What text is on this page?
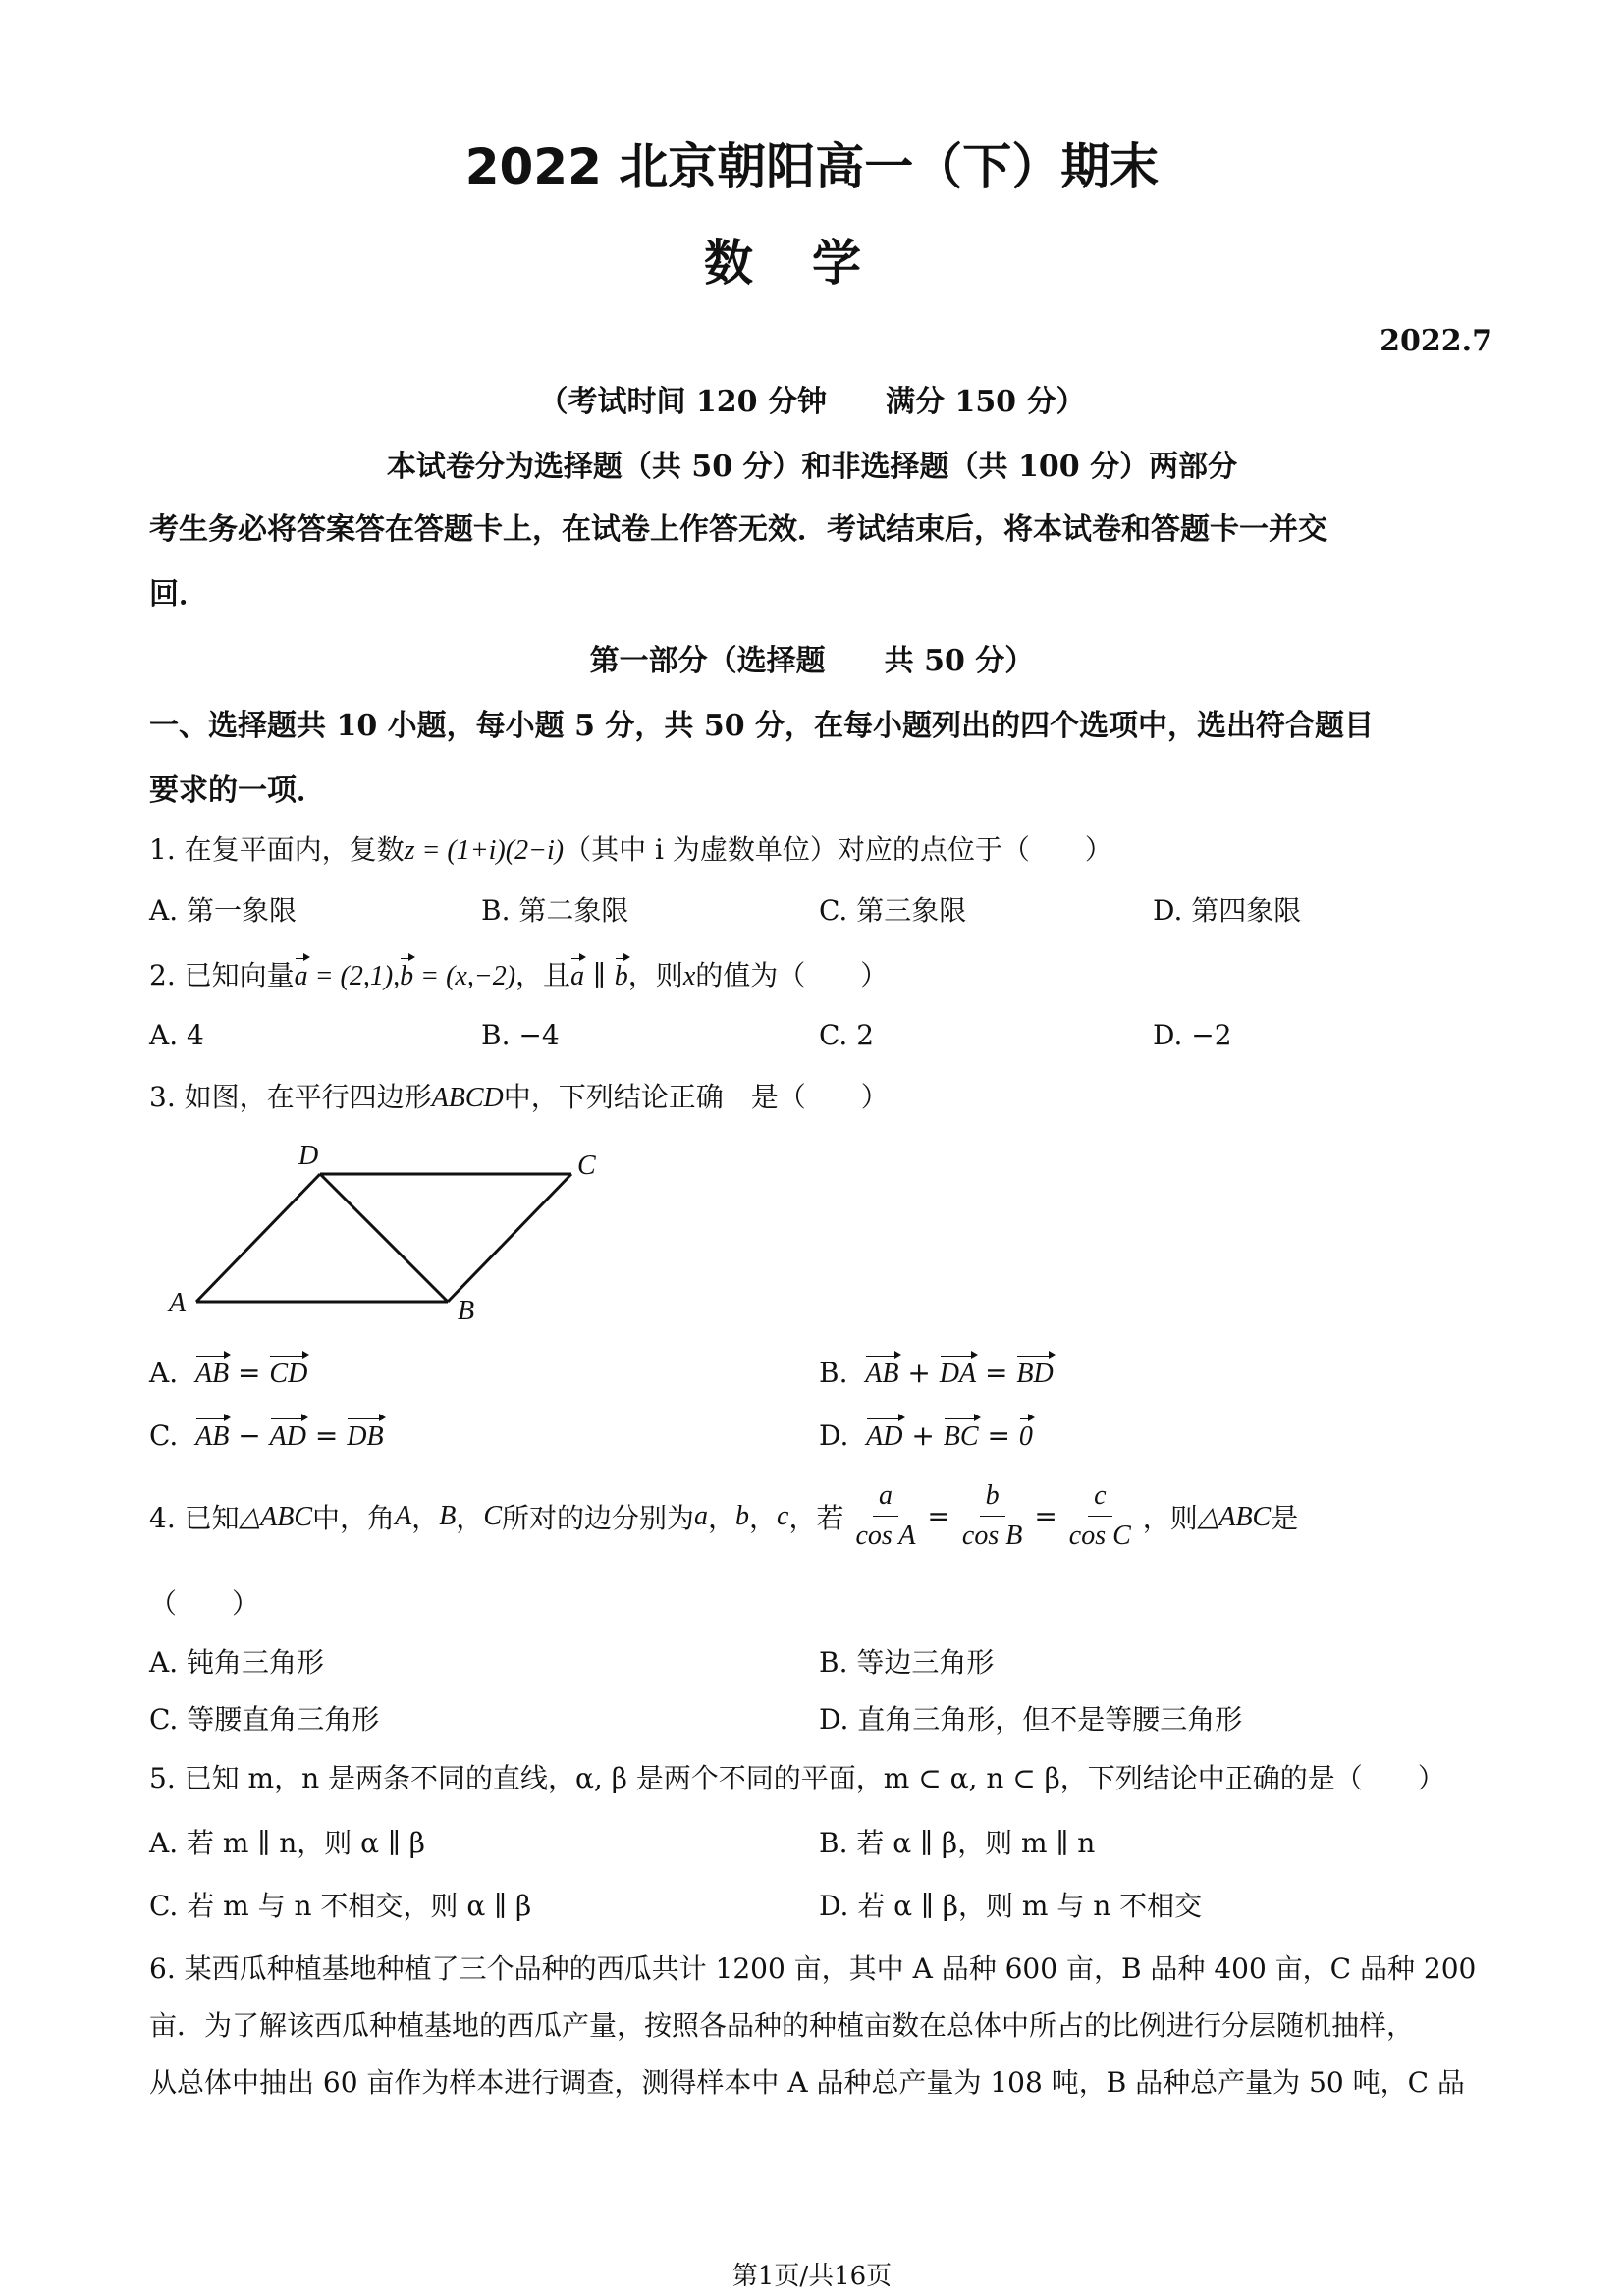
2022 北京朝阳高一（下）期末
数学
2022.7
（考试时间 120 分钟　　满分 150 分）
本试卷分为选择题（共 50 分）和非选择题（共 100 分）两部分
考生务必将答案答在答题卡上，在试卷上作答无效．考试结束后，将本试卷和答题卡一并交
回．
第一部分（选择题　　共 50 分）
一、选择题共 10 小题，每小题 5 分，共 50 分，在每小题列出的四个选项中，选出符合题目
要求的一项．
1. 在复平面内，复数z = (1+i)(2−i)（其中 i 为虚数单位）对应的点位于（　　）
A. 第一象限	B. 第二象限	C. 第三象限	D. 第四象限
2. 已知向量a = (2,1),b = (x,−2)，且a ∥ b，则x的值为（　　）
A. 4	B. −4	C. 2	D. −2
3. 如图，在平行四边形ABCD中，下列结论正确　是（　　）
A	B
C
D
A. AB = CD	B. AB + DA = BD
C. AB − AD = DB	D. AD + BC = 0
4. 已知 △ABC 中，角 A ， B ， C 所对的边分别为 a ， b ， c ，若 $\frac{a}{\text{cos A}} = \frac{b}{\text{cos B}} = \frac{c}{\text{cos C}}$ ，则 △ABC 是
（　　）
A. 钝角三角形	B. 等边三角形
C. 等腰直角三角形	D. 直角三角形，但不是等腰三角形
5. 已知 m，n 是两条不同的直线，α, β 是两个不同的平面，m ⊂ α, n ⊂ β，下列结论中正确的是（　　）
A. 若 m ∥ n，则 α ∥ β	B. 若 α ∥ β，则 m ∥ n
C. 若 m 与 n 不相交，则 α ∥ β	D. 若 α ∥ β，则 m 与 n 不相交
6. 某西瓜种植基地种植了三个品种的西瓜共计 1200 亩，其中 A 品种 600 亩，B 品种 400 亩，C 品种 200
亩．为了解该西瓜种植基地的西瓜产量，按照各品种的种植亩数在总体中所占的比例进行分层随机抽样，
从总体中抽出 60 亩作为样本进行调查，测得样本中 A 品种总产量为 108 吨，B 品种总产量为 50 吨，C 品
第1页/共16页
